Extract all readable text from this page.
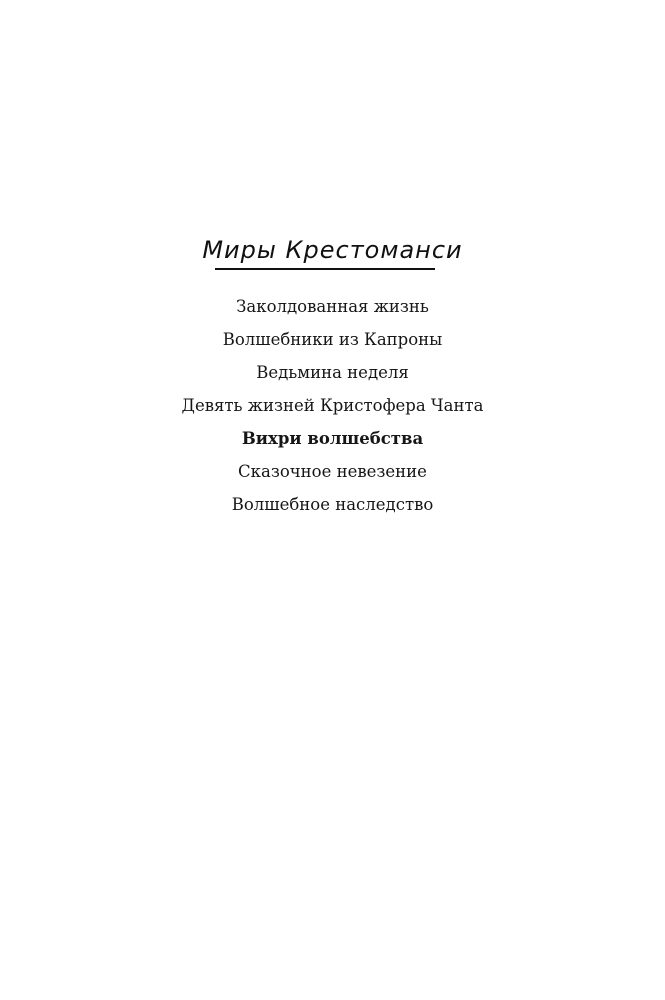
Миры Крестоманси
Заколдованная жизнь
Волшебники из Капроны
Ведьмина неделя
Девять жизней Кристофера Чанта
Вихри волшебства
Сказочное невезение
Волшебное наследство
